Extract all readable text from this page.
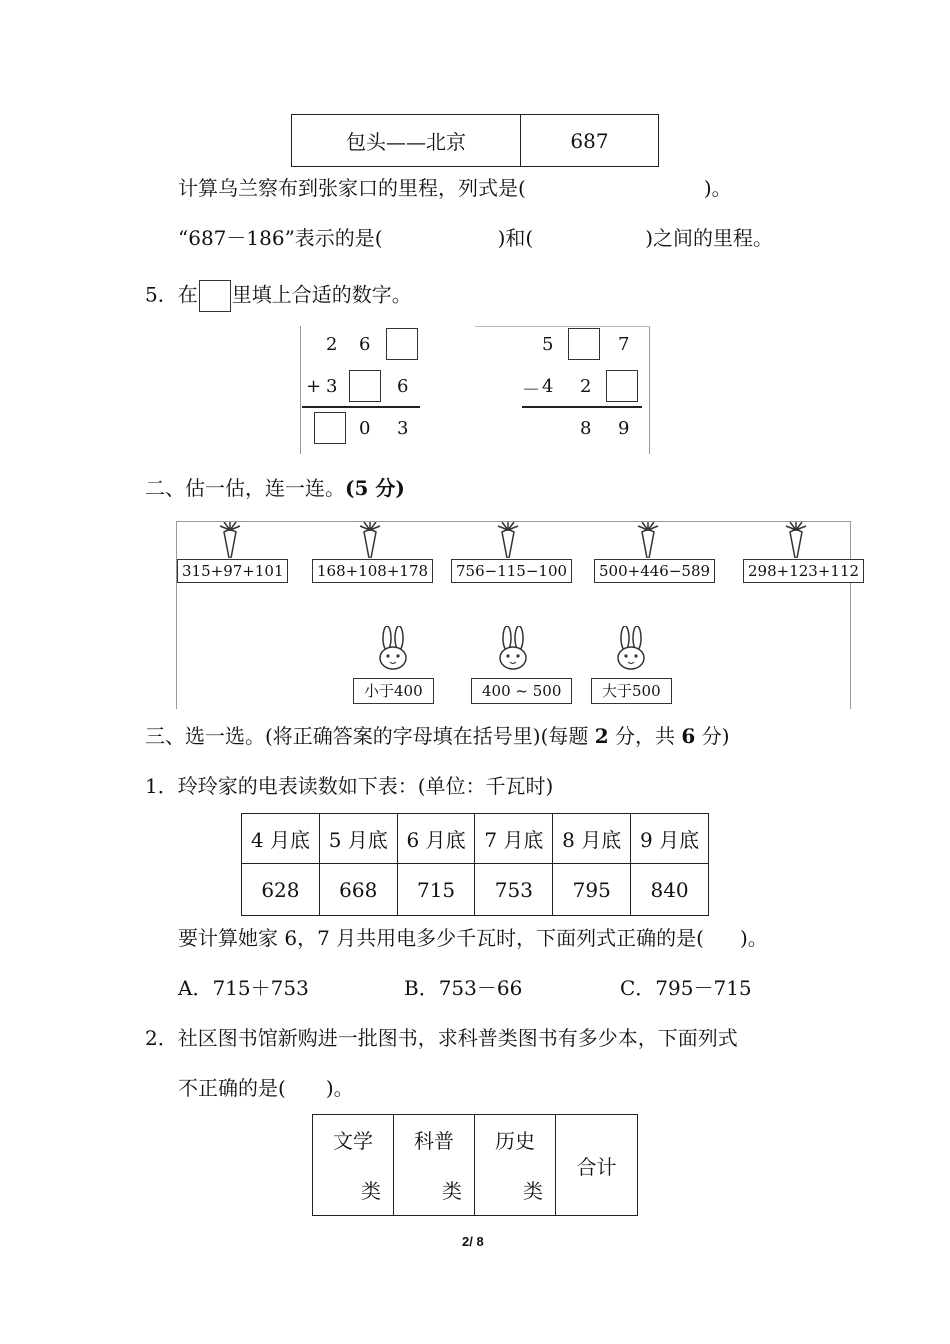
包头——北京	687
计算乌兰察布到张家口的里程，列式是(	)。
“687－186”表示的是(	)和(	)之间的里程。
5．在 里填上合适的数字。
2 6
+ 3	6
0 3
5	7
－ 4 2
8 9
二、估一估，连一连。(5 分)
315+97+101	168+108+178	756−115−100	500+446−589	298+123+112
小于400	400 ~ 500	大于500
三、选一选。(将正确答案的字母填在括号里)(每题 2 分，共 6 分)
1．玲玲家的电表读数如下表：(单位：千瓦时)
4 月底	5 月底	6 月底	7 月底	8 月底	9 月底
628	668	715	753	795	840
要计算她家 6，7 月共用电多少千瓦时，下面列式正确的是( )。
A．715＋753	B．753－66	C．795－715
2．社区图书馆新购进一批图书，求科普类图书有多少本，下面列式
不正确的是( )。
文学
类

科普
类

历史
类
	合计
2/ 8
